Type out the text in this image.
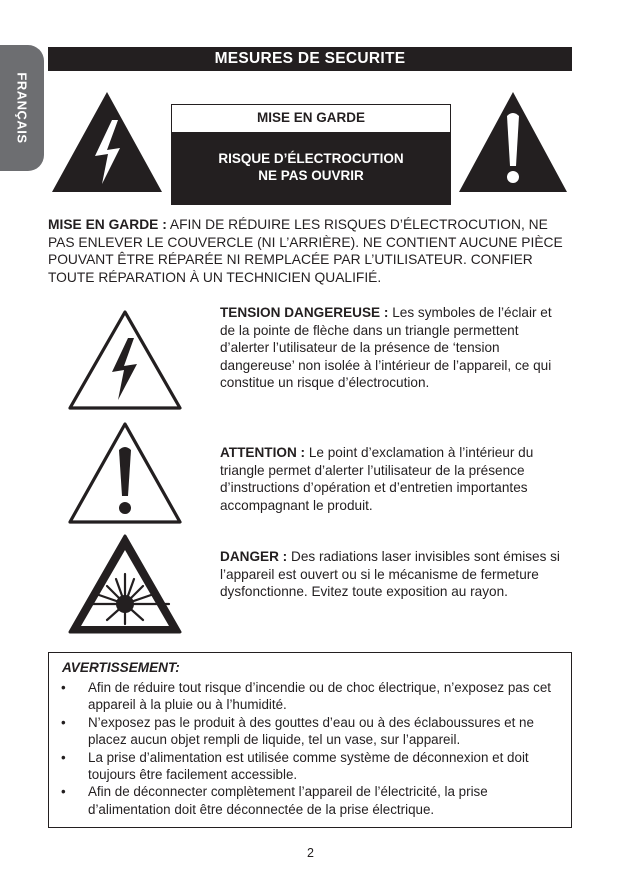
FRANÇAIS
MESURES DE SECURITE
MISE EN GARDE
RISQUE D’ÉLECTROCUTION
NE PAS OUVRIR
MISE EN GARDE : AFIN DE RÉDUIRE LES RISQUES D’ÉLECTROCUTION, NE PAS ENLEVER LE COUVERCLE (NI L’ARRIÈRE). NE CONTIENT AUCUNE PIÈCE POUVANT ÊTRE RÉPARÉE NI REMPLACÉE PAR L’UTILISATEUR. CONFIER TOUTE RÉPARATION À UN TECHNICIEN QUALIFIÉ.
TENSION DANGEREUSE : Les symboles de l’éclair et de la pointe de flèche dans un triangle permettent d’alerter l’utilisateur de la présence de ‘tension dangereuse’ non isolée à l’intérieur de l’appareil, ce qui constitue un risque d’électrocution.
ATTENTION : Le point d’exclamation à l’intérieur du triangle permet d’alerter l’utilisateur de la présence d’instructions d’opération et d’entretien importantes accompagnant le produit.
DANGER : Des radiations laser invisibles sont émises si l’appareil est ouvert ou si le mécanisme de fermeture dysfonctionne. Evitez toute exposition au rayon.
AVERTISSEMENT:
• Afin de réduire tout risque d’incendie ou de choc électrique, n’exposez pas cet appareil à la pluie ou à l’humidité.
• N’exposez pas le produit à des gouttes d’eau ou à des éclaboussures et ne placez aucun objet rempli de liquide, tel un vase, sur l’appareil.
• La prise d’alimentation est utilisée comme système de déconnexion et doit toujours être facilement accessible.
• Afin de déconnecter complètement l’appareil de l’électricité, la prise d’alimentation doit être déconnectée de la prise électrique.
2
